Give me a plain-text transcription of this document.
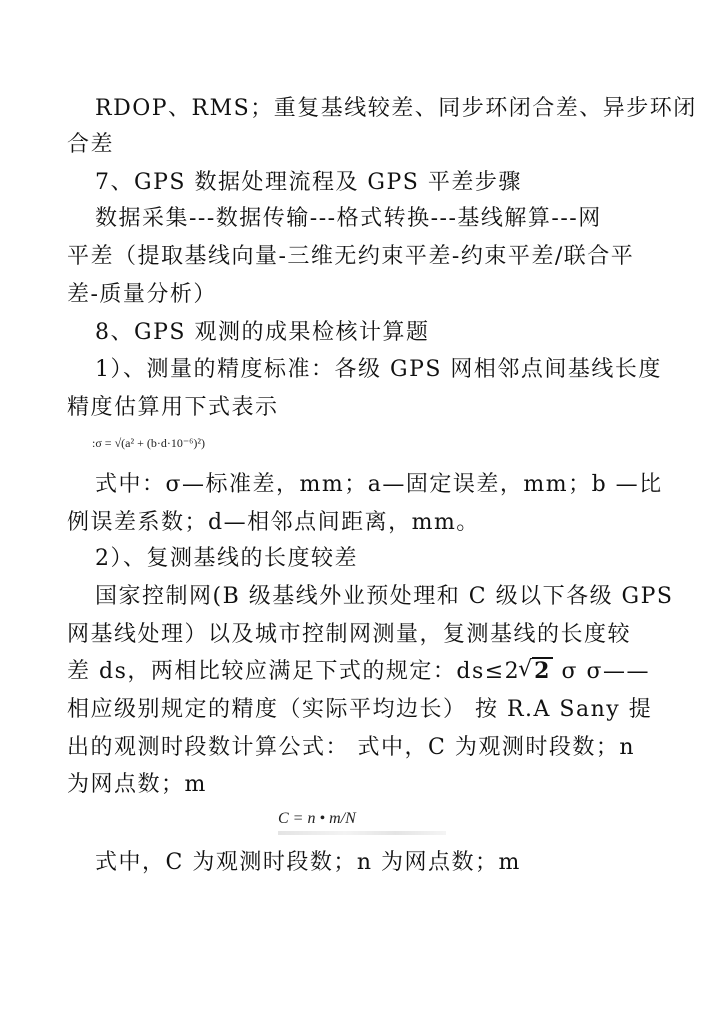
RDOP、RMS；重复基线较差、同步环闭合差、异步环闭
合差
7、GPS 数据处理流程及 GPS 平差步骤
数据采集---数据传输---格式转换---基线解算---网
平差（提取基线向量-三维无约束平差-约束平差/联合平
差-质量分析）
8、GPS 观测的成果检核计算题
1）、测量的精度标准：各级 GPS 网相邻点间基线长度
精度估算用下式表示
:σ = √(a² + (b·d·10⁻⁶)²)
式中：σ—标准差，mm；a—固定误差，mm；b —比
例误差系数；d—相邻点间距离，mm。
2）、复测基线的长度较差
国家控制网(B 级基线外业预处理和 C 级以下各级 GPS
网基线处理）以及城市控制网测量，复测基线的长度较
差 ds，两相比较应满足下式的规定：ds≤2√ 2 σ σ——
相应级别规定的精度（实际平均边长） 按 R.A Sany 提
出的观测时段数计算公式： 式中，C 为观测时段数；n
为网点数；m
C = n • m/N
式中，C 为观测时段数；n 为网点数；m
